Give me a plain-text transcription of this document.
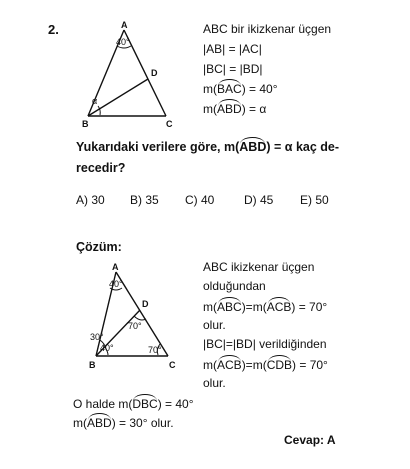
2.	A
B	C
D
40°
α
ABC bir ikizkenar üçgen
|AB| = |AC|
|BC| = |BD|
m(BAC) = 40°
m(ABD) = α
Yukarıdaki verilere göre, m(ABD) = α kaç de-
recedir?
A) 30 B) 35 C) 40 D) 45 E) 50
Çözüm:
A
B	C
D
40°
70°
30°
40°	70°
ABC ikizkenar üçgen
olduğundan
m(ABC)=m(ACB) = 70°
olur.
|BC|=|BD| verildiğinden
m(ACB)=m(CDB) = 70°
olur.
O halde m(DBC) = 40°
m(ABD) = 30° olur.
Cevap: A
